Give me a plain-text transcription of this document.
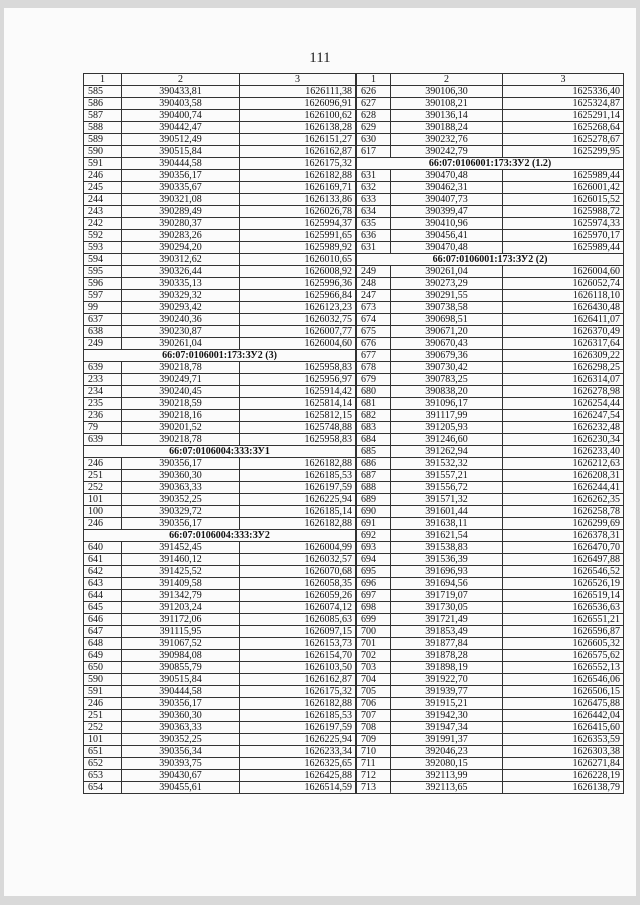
111
1	2	3
585	390433,81	1626111,38
586	390403,58	1626096,91
587	390400,74	1626100,62
588	390442,47	1626138,28
589	390512,49	1626151,27
590	390515,84	1626162,87
591	390444,58	1626175,32
246	390356,17	1626182,88
245	390335,67	1626169,71
244	390321,08	1626133,86
243	390289,49	1626026,78
242	390280,37	1625994,37
592	390283,26	1625991,65
593	390294,20	1625989,92
594	390312,62	1626010,65
595	390326,44	1626008,92
596	390335,13	1625996,36
597	390329,32	1625966,84
99	390293,42	1626123,23
637	390240,36	1626032,75
638	390230,87	1626007,77
249	390261,04	1626004,60
66:07:0106001:173:ЗУ2 (3)		
639	390218,78	1625958,83
233	390249,71	1625956,97
234	390240,45	1625914,42
235	390218,59	1625814,14
236	390218,16	1625812,15
79	390201,52	1625748,88
639	390218,78	1625958,83
66:07:0106004:333:ЗУ1		
246	390356,17	1626182,88
251	390360,30	1626185,53
252	390363,33	1626197,59
101	390352,25	1626225,94
100	390329,72	1626185,14
246	390356,17	1626182,88
66:07:0106004:333:ЗУ2		
640	391452,45	1626004,99
641	391460,12	1626032,57
642	391425,52	1626070,68
643	391409,58	1626058,35
644	391342,79	1626059,26
645	391203,24	1626074,12
646	391172,06	1626085,63
647	391115,95	1626097,15
648	391067,52	1626153,73
649	390984,08	1626154,70
650	390855,79	1626103,50
590	390515,84	1626162,87
591	390444,58	1626175,32
246	390356,17	1626182,88
251	390360,30	1626185,53
252	390363,33	1626197,59
101	390352,25	1626225,94
651	390356,34	1626233,34
652	390393,75	1626325,65
653	390430,67	1626425,88
654	390455,61	1626514,59
1	2	3
626	390106,30	1625336,40
627	390108,21	1625324,87
628	390136,14	1625291,14
629	390188,24	1625268,64
630	390232,76	1625278,67
617	390242,79	1625299,95
66:07:0106001:173:ЗУ2 (1.2)		
631	390470,48	1625989,44
632	390462,31	1626001,42
633	390407,73	1626015,52
634	390399,47	1625988,72
635	390410,96	1625974,33
636	390456,41	1625970,17
631	390470,48	1625989,44
66:07:0106001:173:ЗУ2 (2)		
249	390261,04	1626004,60
248	390273,29	1626052,74
247	390291,55	1626118,10
673	390738,58	1626430,48
674	390698,51	1626411,07
675	390671,20	1626370,49
676	390670,43	1626317,64
677	390679,36	1626309,22
678	390730,42	1626298,25
679	390783,25	1626314,07
680	390838,20	1626278,98
681	391096,17	1626254,44
682	391117,99	1626247,54
683	391205,93	1626232,48
684	391246,60	1626230,34
685	391262,94	1626233,40
686	391532,32	1626212,63
687	391557,21	1626208,31
688	391556,72	1626244,41
689	391571,32	1626262,35
690	391601,44	1626258,78
691	391638,11	1626299,69
692	391621,54	1626378,31
693	391538,83	1626470,70
694	391536,39	1626497,88
695	391696,93	1626546,52
696	391694,56	1626526,19
697	391719,07	1626519,14
698	391730,05	1626536,63
699	391721,49	1626551,21
700	391853,49	1626596,87
701	391877,84	1626605,32
702	391878,28	1626575,62
703	391898,19	1626552,13
704	391922,70	1626546,06
705	391939,77	1626506,15
706	391915,21	1626475,88
707	391942,30	1626442,04
708	391947,34	1626415,60
709	391991,37	1626353,59
710	392046,23	1626303,38
711	392080,15	1626271,84
712	392113,99	1626228,19
713	392113,65	1626138,79
